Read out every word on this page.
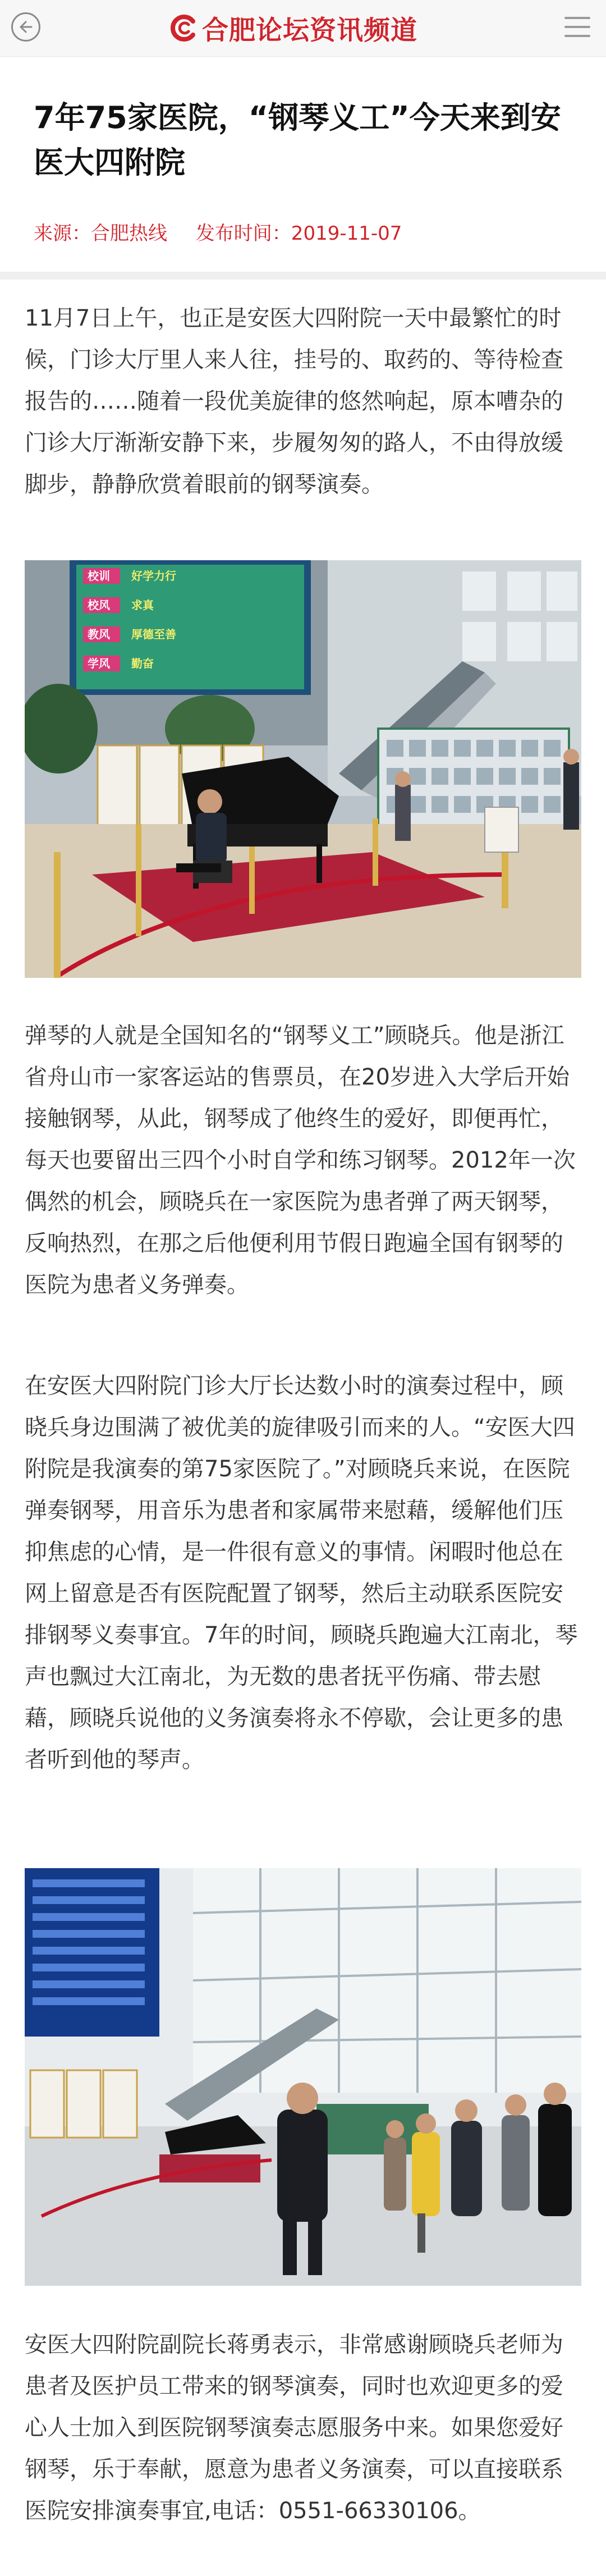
合肥论坛资讯频道
7年75家医院，“钢琴义工”今天来到安医大四附院
来源：合肥热线 发布时间：2019-11-07

11月7日上午，也正是安医大四附院一天中最繁忙的时候，门诊大厅里人来人往，挂号的、取药的、等待检查报告的……随着一段优美旋律的悠然响起，原本嘈杂的门诊大厅渐渐安静下来，步履匆匆的路人，不由得放缓脚步，静静欣赏着眼前的钢琴演奏。

校训 好学力行
校风 求真
教风 厚德至善
学风 勤奋

弹琴的人就是全国知名的“钢琴义工”顾晓兵。他是浙江省舟山市一家客运站的售票员，在20岁进入大学后开始接触钢琴，从此，钢琴成了他终生的爱好，即便再忙，每天也要留出三四个小时自学和练习钢琴。2012年一次偶然的机会，顾晓兵在一家医院为患者弹了两天钢琴，反响热烈，在那之后他便利用节假日跑遍全国有钢琴的医院为患者义务弹奏。

在安医大四附院门诊大厅长达数小时的演奏过程中，顾晓兵身边围满了被优美的旋律吸引而来的人。“安医大四附院是我演奏的第75家医院了。”对顾晓兵来说，在医院弹奏钢琴，用音乐为患者和家属带来慰藉，缓解他们压抑焦虑的心情，是一件很有意义的事情。闲暇时他总在网上留意是否有医院配置了钢琴，然后主动联系医院安排钢琴义奏事宜。7年的时间，顾晓兵跑遍大江南北，琴声也飘过大江南北，为无数的患者抚平伤痛、带去慰藉，顾晓兵说他的义务演奏将永不停歇，会让更多的患者听到他的琴声。

安医大四附院副院长蒋勇表示，非常感谢顾晓兵老师为患者及医护员工带来的钢琴演奏，同时也欢迎更多的爱心人士加入到医院钢琴演奏志愿服务中来。如果您爱好钢琴，乐于奉献，愿意为患者义务演奏，可以直接联系医院安排演奏事宜,电话：0551-66330106。
